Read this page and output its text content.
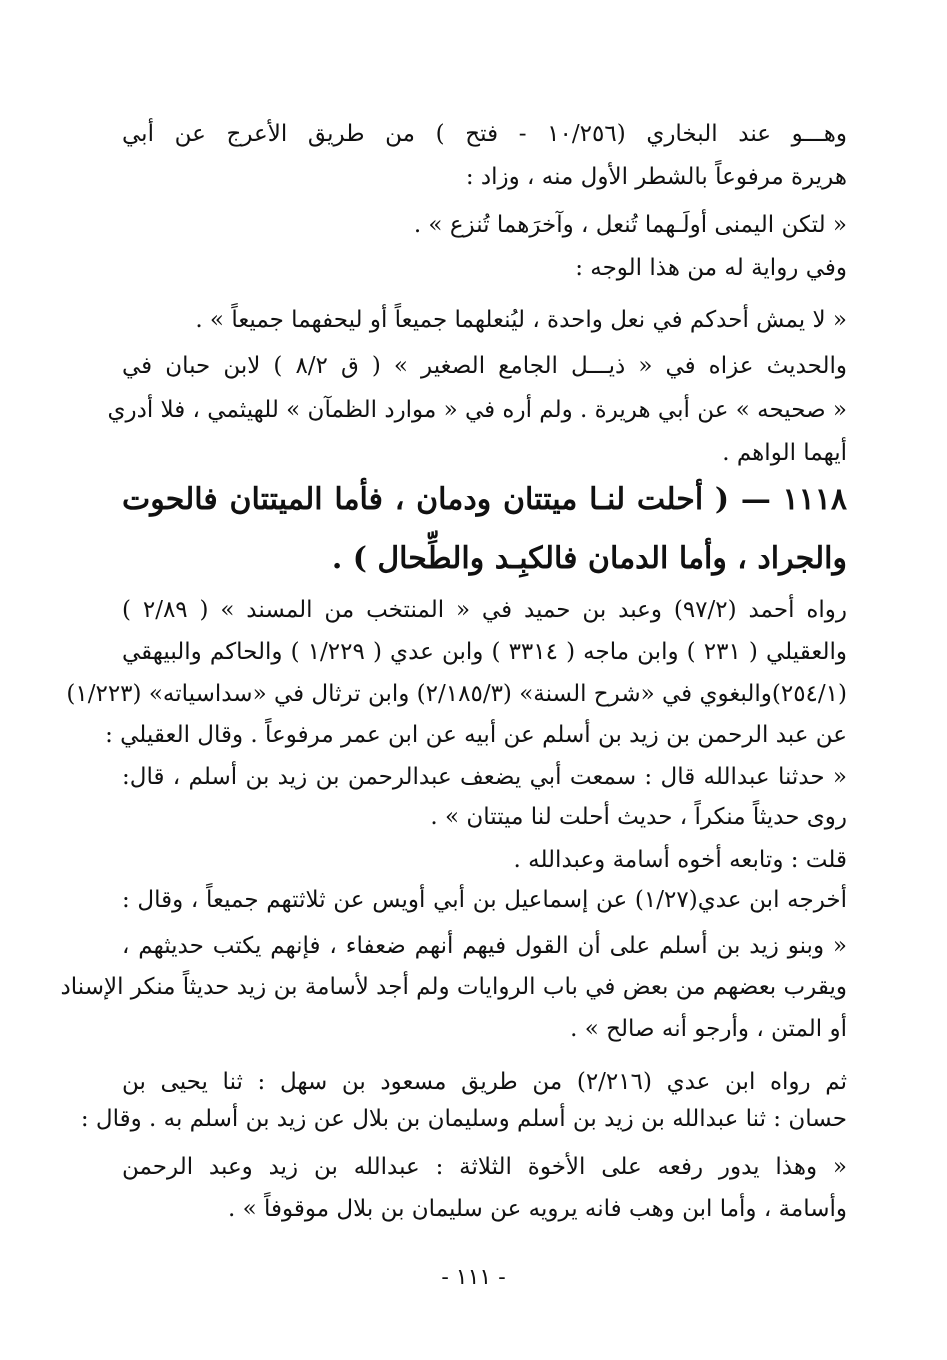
وهـــو عند البخاري (١٠/٢٥٦ - فتح ) من طريق الأعرج عن أبي
هريرة مرفوعاً بالشطر الأول منه ، وزاد :
« لتكن اليمنى أولَـهما تُنعل ، وآخرَهما تُنزع » .
وفي رواية له من هذا الوجه :
« لا يمش أحدكم في نعل واحدة ، ليُنعلهما جميعاً أو ليحفهما جميعاً » .
والحديث عزاه في « ذيـــل الجامع الصغير » ( ق ٨/٢ ) لابن حبان في
« صحيحه » عن أبي هريرة . ولم أره في « موارد الظمآن » للهيثمي ، فلا أدري
أيهما الواهم .
١١١٨ — ( أحلت لنـا ميتتان ودمان ، فأما الميتتان فالحوت
والجراد ، وأما الدمان فالكبِـد والطِّحال ) .
رواه أحمد (٩٧/٢) وعبد بن حميد في « المنتخب من المسند » ( ٢/٨٩ )
والعقيلي ( ٢٣١ ) وابن ماجه ( ٣٣١٤ ) وابن عدي ( ١/٢٢٩ ) والحاكم والبيهقي
(٢٥٤/١)والبغوي في «شرح السنة» (٢/١٨٥/٣) وابن ترثال في «سداسياته» (١/٢٢٣)
عن عبد الرحمن بن زيد بن أسلم عن أبيه عن ابن عمر مرفوعاً . وقال العقيلي :
« حدثنا عبدالله قال : سمعت أبي يضعف عبدالرحمن بن زيد بن أسلم ، قال:
روى حديثاً منكراً ، حديث أحلت لنا ميتتان » .
قلت : وتابعه أخوه أسامة وعبدالله .
أخرجه ابن عدي(١/٢٧) عن إسماعيل بن أبي أويس عن ثلاثتهم جميعاً ، وقال :
« وبنو زيد بن أسلم على أن القول فيهم أنهم ضعفاء ، فإنهم يكتب حديثهم ،
ويقرب بعضهم من بعض في باب الروايات ولم أجد لأسامة بن زيد حديثاً منكر الإسناد
أو المتن ، وأرجو أنه صالح » .
ثم رواه ابن عدي (٢/٢١٦) من طريق مسعود بن سهل : ثنا يحيى بن
حسان : ثنا عبدالله بن زيد بن أسلم وسليمان بن بلال عن زيد بن أسلم به . وقال :
« وهذا يدور رفعه على الأخوة الثلاثة : عبدالله بن زيد وعبد الرحمن
وأسامة ، وأما ابن وهب فانه يرويه عن سليمان بن بلال موقوفاً » .
- ١١١ -
